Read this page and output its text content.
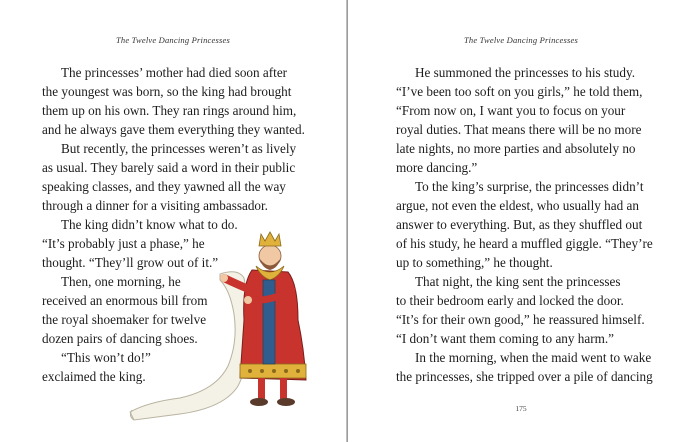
The Twelve Dancing Princesses
The princesses’ mother had died soon after
the youngest was born, so the king had brought
them up on his own. They ran rings around him,
and he always gave them everything they wanted.
But recently, the princesses weren’t as lively
as usual. They barely said a word in their public
speaking classes, and they yawned all the way
through a dinner for a visiting ambassador.
The king didn’t know what to do.
“It’s probably just a phase,” he
thought. “They’ll grow out of it.”
Then, one morning, he
received an enormous bill from
the royal shoemaker for twelve
dozen pairs of dancing shoes.
“This won’t do!”
exclaimed the king.
The Twelve Dancing Princesses
He summoned the princesses to his study.
“I’ve been too soft on you girls,” he told them,
“From now on, I want you to focus on your
royal duties. That means there will be no more
late nights, no more parties and absolutely no
more dancing.”
To the king’s surprise, the princesses didn’t
argue, not even the eldest, who usually had an
answer to everything. But, as they shuffled out
of his study, he heard a muffled giggle. “They’re
up to something,” he thought.
That night, the king sent the princesses
to their bedroom early and locked the door.
“It’s for their own good,” he reassured himself.
“I don’t want them coming to any harm.”
In the morning, when the maid went to wake
the princesses, she tripped over a pile of dancing
175
